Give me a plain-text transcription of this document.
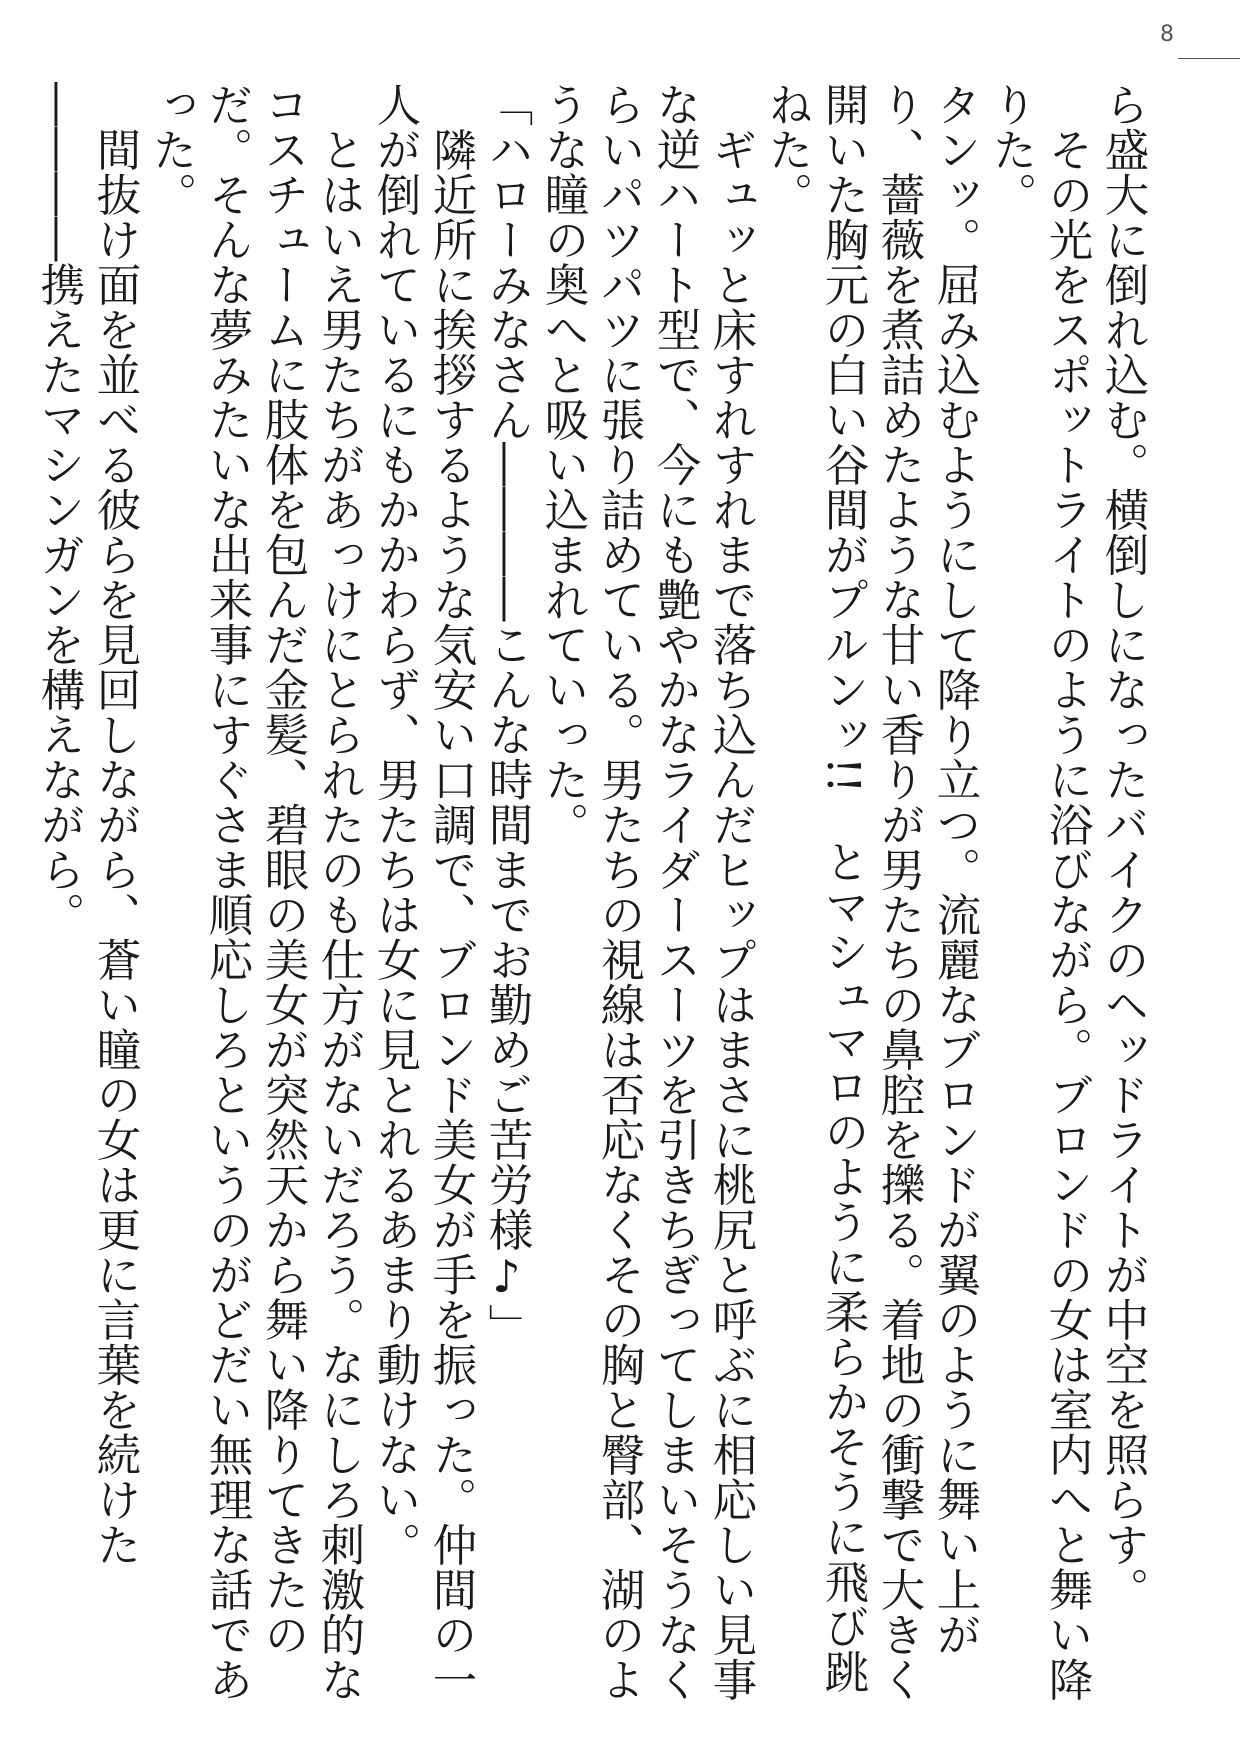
8

ら盛大に倒れ込む。横倒しになったバイクのヘッドライトが中空を照らす。

その光をスポットライトのように浴びながら。ブロンドの女は室内へと舞い降りた。

タンッ。屈み込むようにして降り立つ。流麗なブロンドが翼のように舞い上がり、薔薇を煮詰めたような甘い香りが男たちの鼻腔を擽る。着地の衝撃で大きく開いた胸元の白い谷間がプルンッ!!　とマシュマロのように柔らかそうに飛び跳ねた。

ギュッと床すれすれまで落ち込んだヒップはまさに桃尻と呼ぶに相応しい見事な逆ハート型で、今にも艶やかなライダースーツを引きちぎってしまいそうなくらいパツパツに張り詰めている。男たちの視線は否応なくその胸と臀部、湖のような瞳の奥へと吸い込まれていった。

「ハローみなさん――――こんな時間までお勤めご苦労様♪」

隣近所に挨拶するような気安い口調で、ブロンド美女が手を振った。仲間の一人が倒れているにもかかわらず、男たちは女に見とれるあまり動けない。

とはいえ男たちがあっけにとられたのも仕方がないだろう。なにしろ刺激的なコスチュームに肢体を包んだ金髪、碧眼の美女が突然天から舞い降りてきたのだ。そんな夢みたいな出来事にすぐさま順応しろというのがどだい無理な話であった。

間抜け面を並べる彼らを見回しながら、蒼い瞳の女は更に言葉を続けた――――携えたマシンガンを構えながら。
